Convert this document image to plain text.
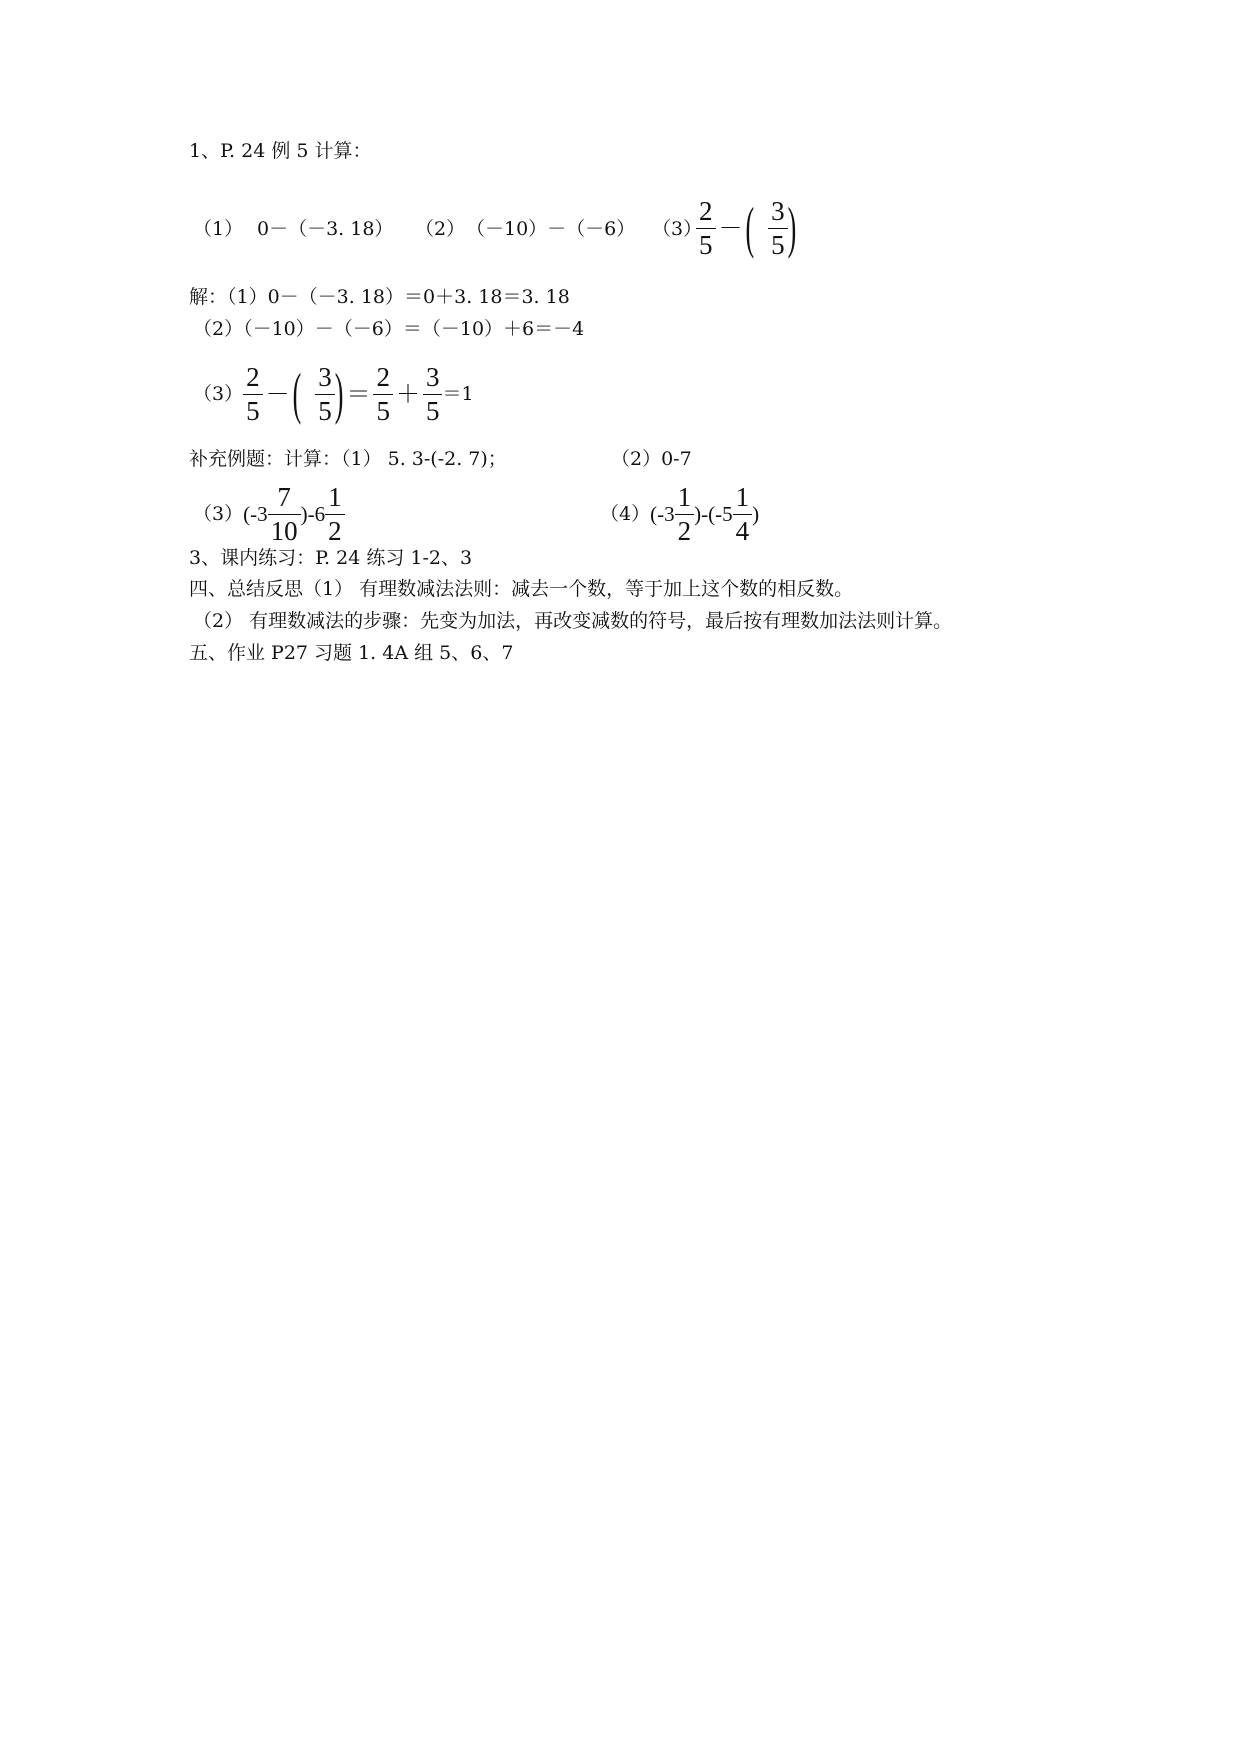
1、P. 24 例 5 计算：
（1） 0－（－3. 18） （2） （－10）－（－6） （3）
$\frac{2}{5}$ － ( $\frac{3}{5}$ )
解：（1）0－（－3. 18）＝0＋3. 18＝3. 18
（2）（－10）－（－6）＝（－10）＋6＝－4
$(3) \frac{2}{5}$ － ( $\frac{3}{5}$ ) ＝ $\frac{2}{5} + \frac{3}{5} =1$
补充例题：计算：（1） 5. 3-(-2. 7)；	（2）0-7
（3） $(-3 \frac{7}{10} )-6 \frac{1}{2}$	（4） $(-3 \frac{1}{2} )-(-5 \frac{1}{4}$ )
3、课内练习：P. 24 练习 1-2、3
四、总结反思（1） 有理数减法法则：减去一个数，等于加上这个数的相反数。
（2） 有理数减法的步骤：先变为加法，再改变减数的符号，最后按有理数加法法则计算。
五、作业 P27 习题 1. 4A 组 5、6、7
